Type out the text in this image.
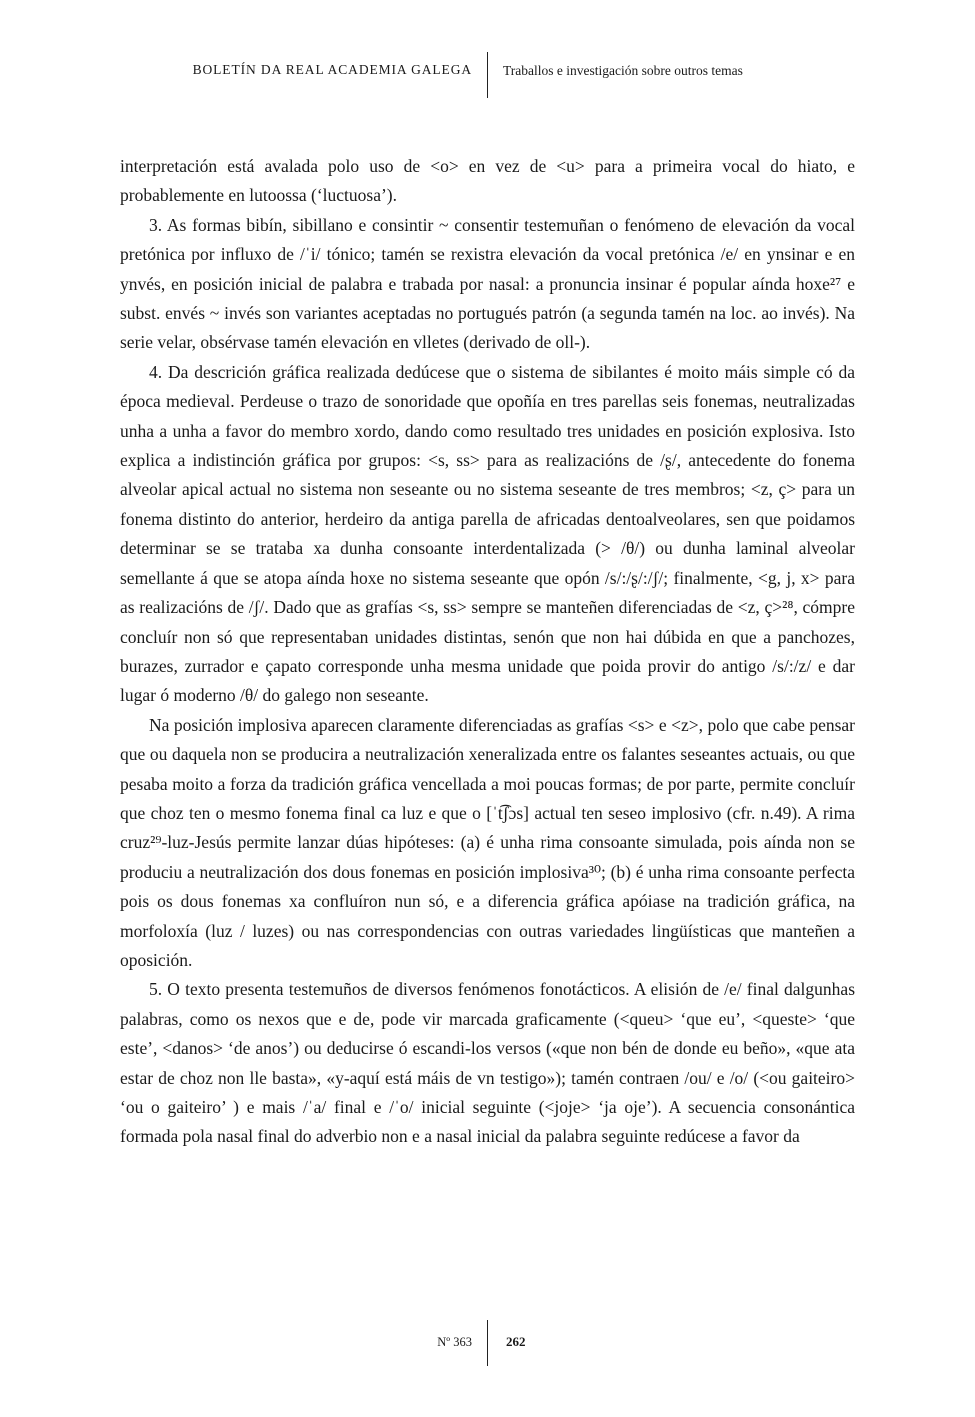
BOLETÍN DA REAL ACADEMIA GALEGA Traballos e investigación sobre outros temas

interpretación está avalada polo uso de <o> en vez de <u> para a primeira vocal do hiato, e probablemente en lutoossa (‘luctuosa’).

3. As formas bibín, sibillano e consintir ~ consentir testemuñan o fenómeno de elevación da vocal pretónica por influxo de /ˈi/ tónico; tamén se rexistra elevación da vocal pretónica /e/ en ynsinar e en ynvés, en posición inicial de palabra e trabada por nasal: a pronuncia insinar é popular aínda hoxe²⁷ e subst. envés ~ invés son variantes aceptadas no portugués patrón (a segunda tamén na loc. ao invés). Na serie velar, obsérvase tamén elevación en vlletes (derivado de oll-).

4. Da descrición gráfica realizada dedúcese que o sistema de sibilantes é moito máis simple có da época medieval. Perdeuse o trazo de sonoridade que opoñía en tres parellas seis fonemas, neutralizadas unha a unha a favor do membro xordo, dando como resultado tres unidades en posición explosiva. Isto explica a indistinción gráfica por grupos: <s, ss> para as realizacións de /ʂ/, antecedente do fonema alveolar apical actual no sistema non seseante ou no sistema seseante de tres membros; <z, ç> para un fonema distinto do anterior, herdeiro da antiga parella de africadas dentoalveolares, sen que poidamos determinar se se trataba xa dunha consoante interdentalizada (> /θ/) ou dunha laminal alveolar semellante á que se atopa aínda hoxe no sistema seseante que opón /s/:/ʂ/:/ʃ/; finalmente, <g, j, x> para as realizacións de /ʃ/. Dado que as grafías <s, ss> sempre se manteñen diferenciadas de <z, ç>²⁸, cómpre concluír non só que representaban unidades distintas, senón que non hai dúbida en que a panchozes, burazes, zurrador e çapato corresponde unha mesma unidade que poida provir do antigo /s/:/z/ e dar lugar ó moderno /θ/ do galego non seseante.

Na posición implosiva aparecen claramente diferenciadas as grafías <s> e <z>, polo que cabe pensar que ou daquela non se producira a neutralización xeneralizada entre os falantes seseantes actuais, ou que pesaba moito a forza da tradición gráfica vencellada a moi poucas formas; de por parte, permite concluír que choz ten o mesmo fonema final ca luz e que o [ˈt͡ʃɔs] actual ten seseo implosivo (cfr. n.49). A rima cruz²⁹-luz-Jesús permite lanzar dúas hipóteses: (a) é unha rima consoante simulada, pois aínda non se produciu a neutralización dos dous fonemas en posición implosiva³⁰; (b) é unha rima consoante perfecta pois os dous fonemas xa confluíron nun só, e a diferencia gráfica apóiase na tradición gráfica, na morfoloxía (luz / luzes) ou nas correspondencias con outras variedades lingüísticas que manteñen a oposición.

5. O texto presenta testemuños de diversos fenómenos fonotácticos. A elisión de /e/ final dalgunhas palabras, como os nexos que e de, pode vir marcada graficamente (<queu> ‘que eu’, <queste> ‘que este’, <danos> ‘de anos’) ou deducirse ó escandi-los versos («que non bén de donde eu beño», «que ata estar de choz non lle basta», «y-aquí está máis de vn testigo»); tamén contraen /ou/ e /o/ (<ou gaiteiro> ‘ou o gaiteiro’ ) e mais /ˈa/ final e /ˈo/ inicial seguinte (<joje> ‘ja oje’). A secuencia consonántica formada pola nasal final do adverbio non e a nasal inicial da palabra seguinte redúcese a favor da

Nº 363	262
